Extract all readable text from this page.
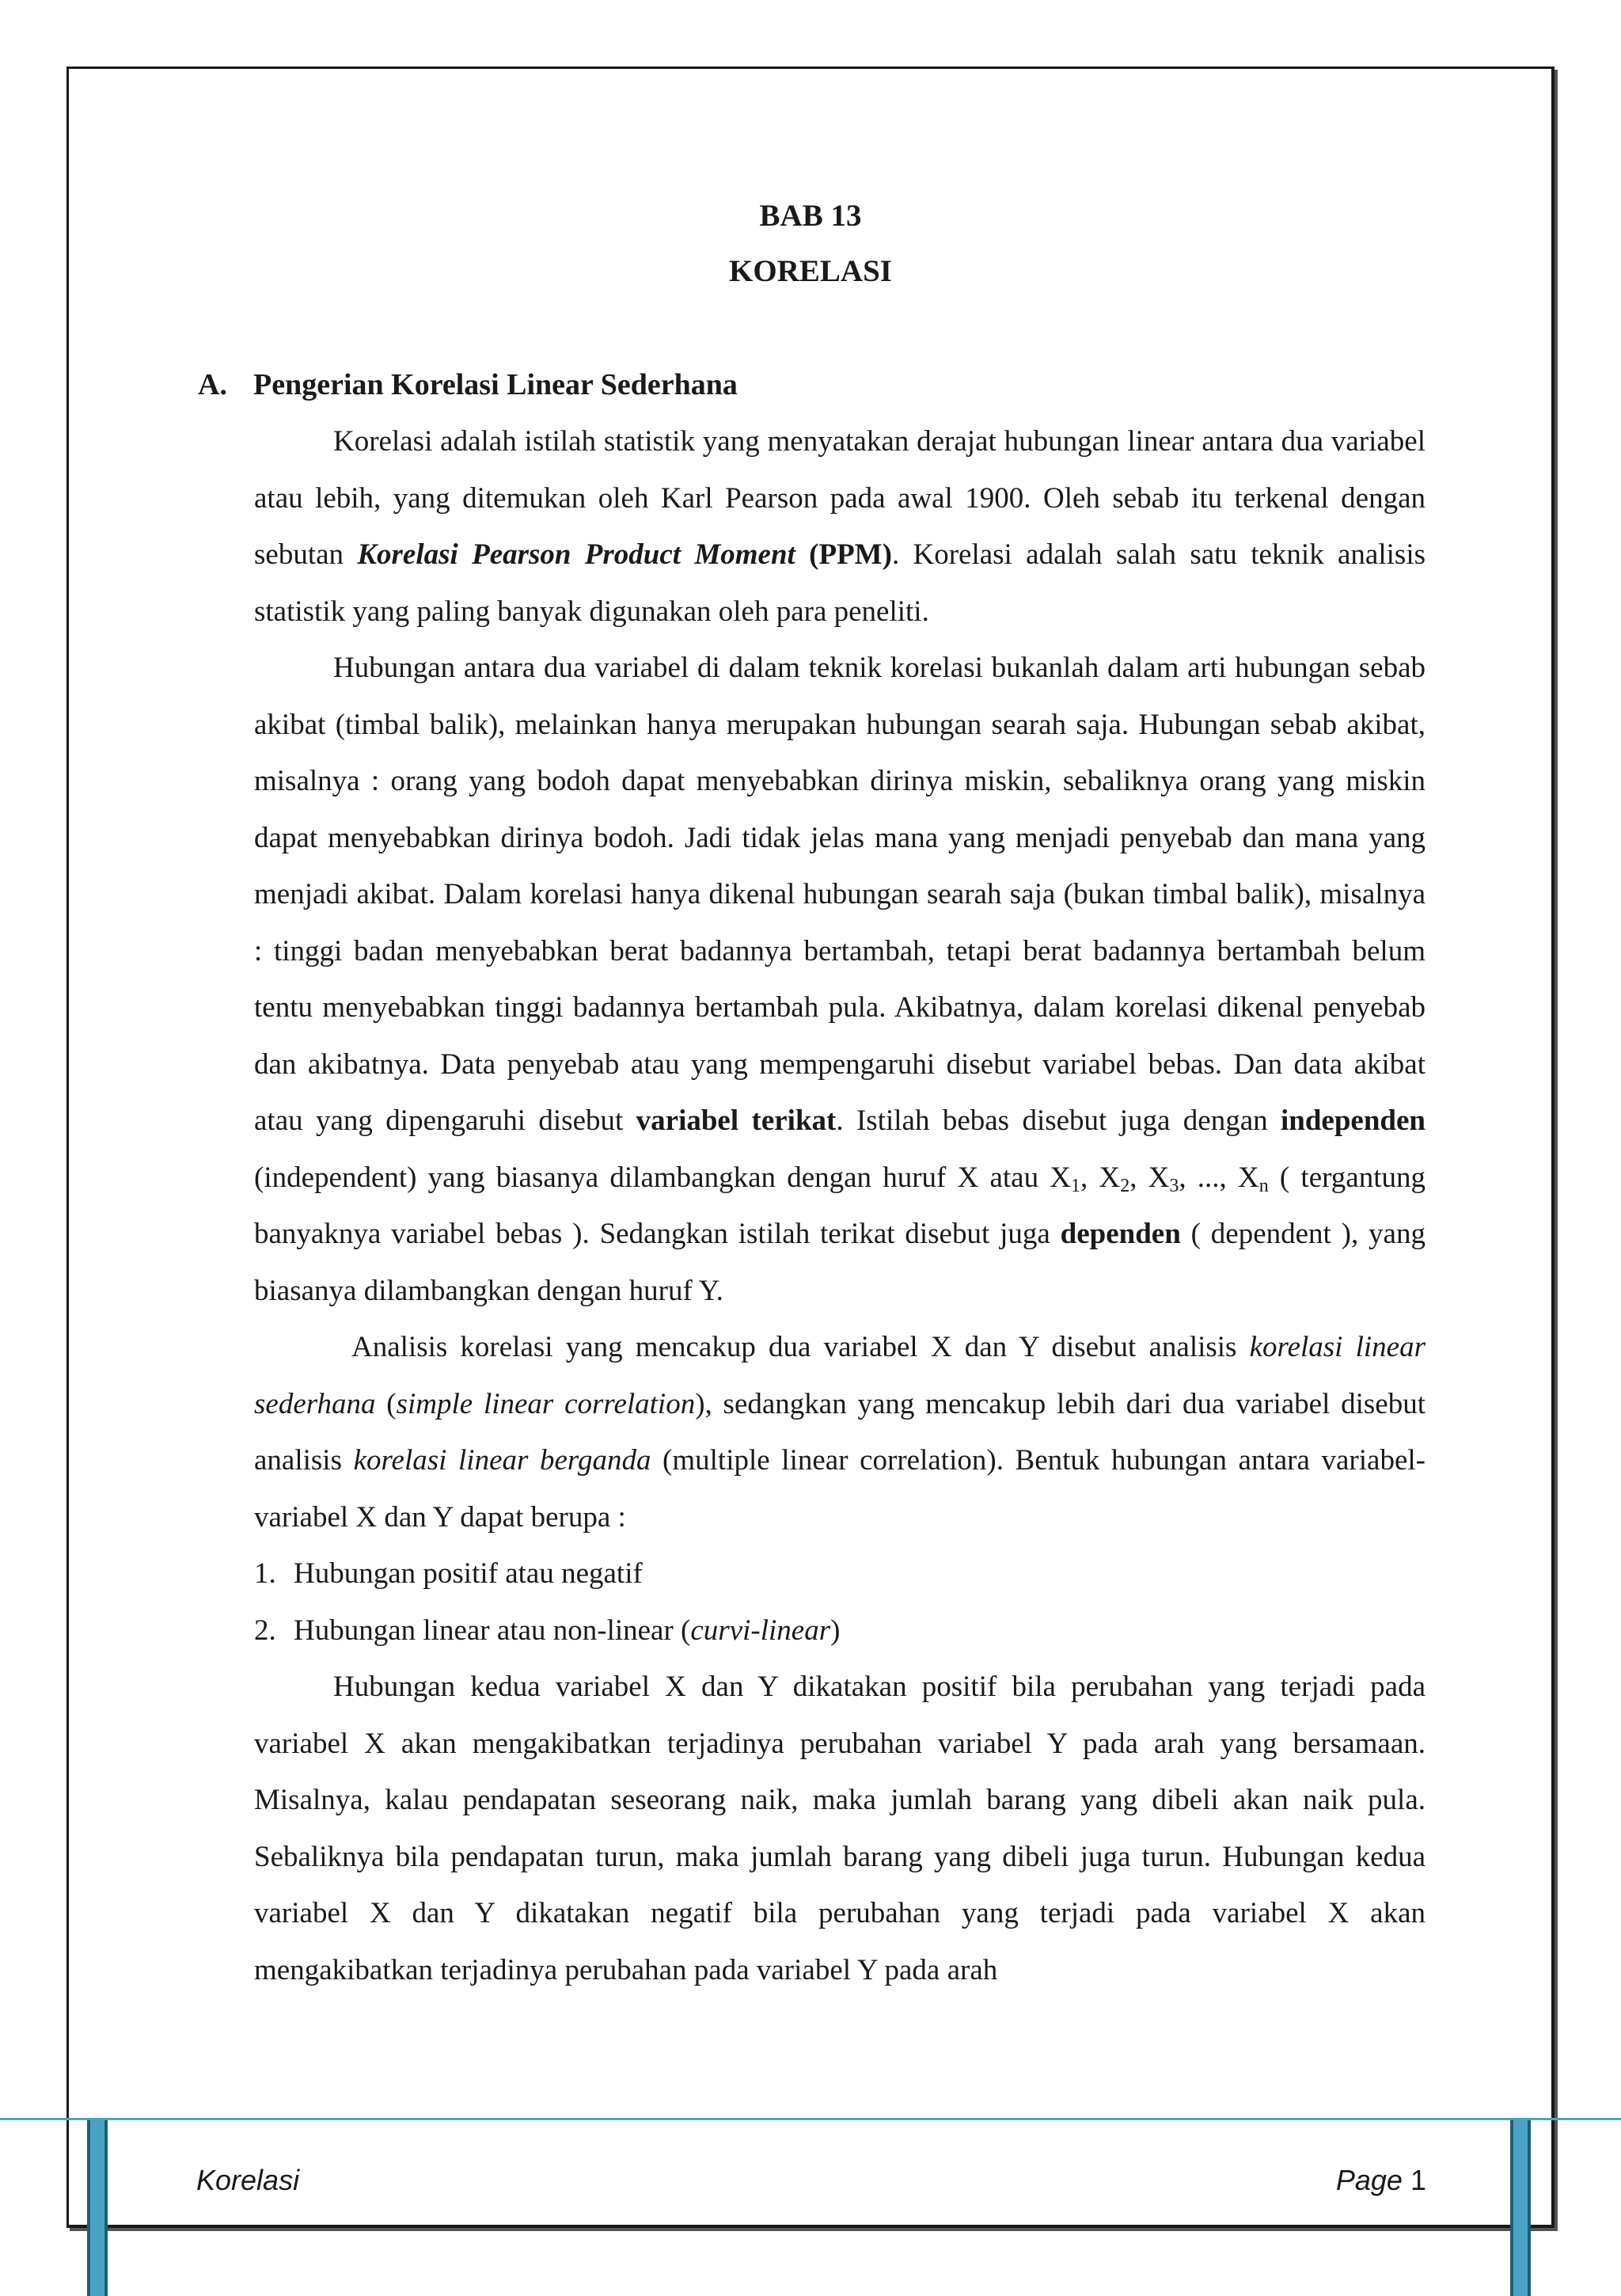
BAB 13
KORELASI
A. Pengerian Korelasi Linear Sederhana

Korelasi adalah istilah statistik yang menyatakan derajat hubungan linear antara dua variabel atau lebih, yang ditemukan oleh Karl Pearson pada awal 1900. Oleh sebab itu terkenal dengan sebutan Korelasi Pearson Product Moment (PPM). Korelasi adalah salah satu teknik analisis statistik yang paling banyak digunakan oleh para peneliti.

Hubungan antara dua variabel di dalam teknik korelasi bukanlah dalam arti hubungan sebab akibat (timbal balik), melainkan hanya merupakan hubungan searah saja. Hubungan sebab akibat, misalnya : orang yang bodoh dapat menyebabkan dirinya miskin, sebaliknya orang yang miskin dapat menyebabkan dirinya bodoh. Jadi tidak jelas mana yang menjadi penyebab dan mana yang menjadi akibat. Dalam korelasi hanya dikenal hubungan searah saja (bukan timbal balik), misalnya : tinggi badan menyebabkan berat badannya bertambah, tetapi berat badannya bertambah belum tentu menyebabkan tinggi badannya bertambah pula. Akibatnya, dalam korelasi dikenal penyebab dan akibatnya. Data penyebab atau yang mempengaruhi disebut variabel bebas. Dan data akibat atau yang dipengaruhi disebut variabel terikat. Istilah bebas disebut juga dengan independen (independent) yang biasanya dilambangkan dengan huruf X atau $X_1$, $X_2$, $X_3$, ..., $X_n$ ( tergantung banyaknya variabel bebas ). Sedangkan istilah terikat disebut juga dependen ( dependent ), yang biasanya dilambangkan dengan huruf Y.

Analisis korelasi yang mencakup dua variabel X dan Y disebut analisis korelasi linear sederhana (simple linear correlation), sedangkan yang mencakup lebih dari dua variabel disebut analisis korelasi linear berganda (multiple linear correlation). Bentuk hubungan antara variabel-variabel X dan Y dapat berupa :

1. Hubungan positif atau negatif

2. Hubungan linear atau non-linear (curvi-linear)

Hubungan kedua variabel X dan Y dikatakan positif bila perubahan yang terjadi pada variabel X akan mengakibatkan terjadinya perubahan variabel Y pada arah yang bersamaan. Misalnya, kalau pendapatan seseorang naik, maka jumlah barang yang dibeli akan naik pula. Sebaliknya bila pendapatan turun, maka jumlah barang yang dibeli juga turun. Hubungan kedua variabel X dan Y dikatakan negatif bila perubahan yang terjadi pada variabel X akan mengakibatkan terjadinya perubahan pada variabel Y pada arah

Korelasi	Page 1
